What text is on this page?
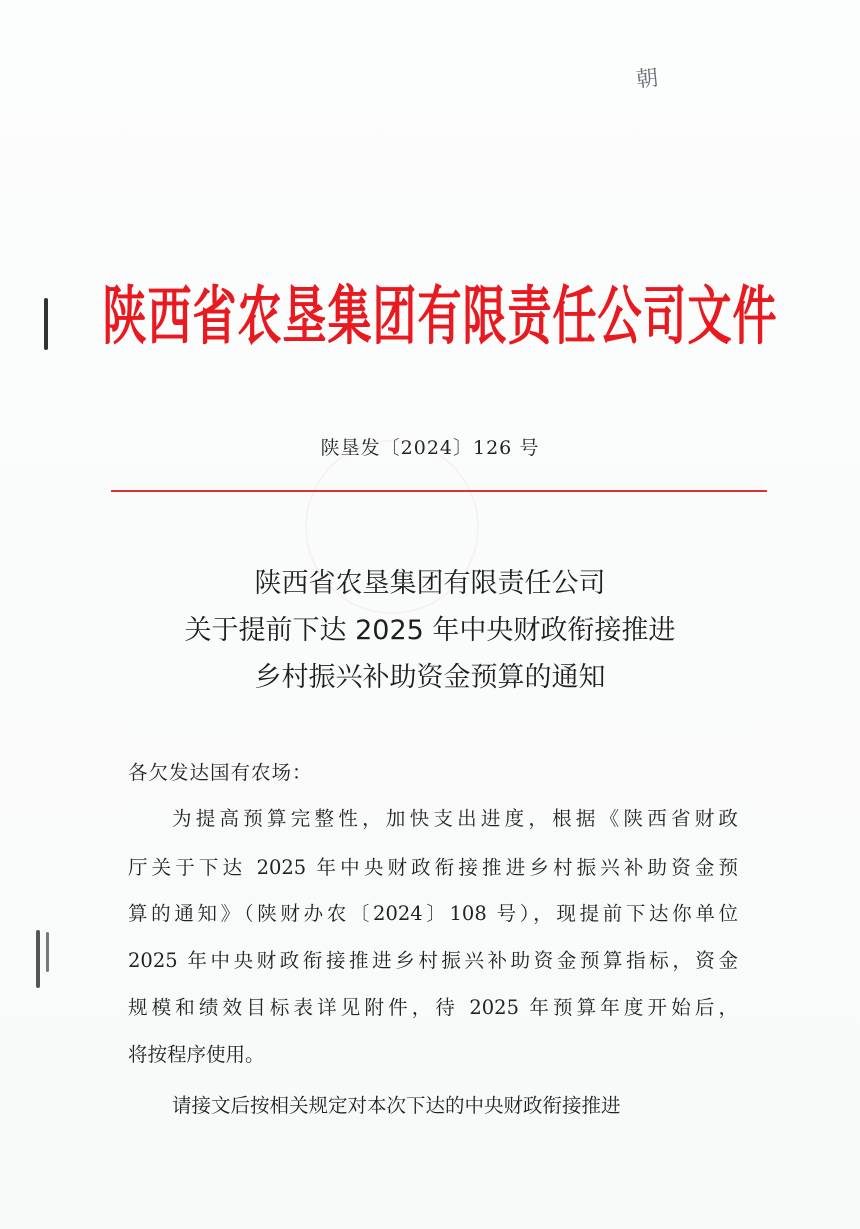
朝
陕西省农垦集团有限责任公司文件
陕垦发〔2024〕126 号
陕西省农垦集团有限责任公司
关于提前下达 2025 年中央财政衔接推进
乡村振兴补助资金预算的通知
各欠发达国有农场：
为提高预算完整性，加快支出进度，根据《陕西省财政
厅关于下达 2025 年中央财政衔接推进乡村振兴补助资金预
算的通知》（陕财办农〔2024〕108 号），现提前下达你单位
2025 年中央财政衔接推进乡村振兴补助资金预算指标，资金
规模和绩效目标表详见附件，待 2025 年预算年度开始后，
将按程序使用。
请接文后按相关规定对本次下达的中央财政衔接推进
